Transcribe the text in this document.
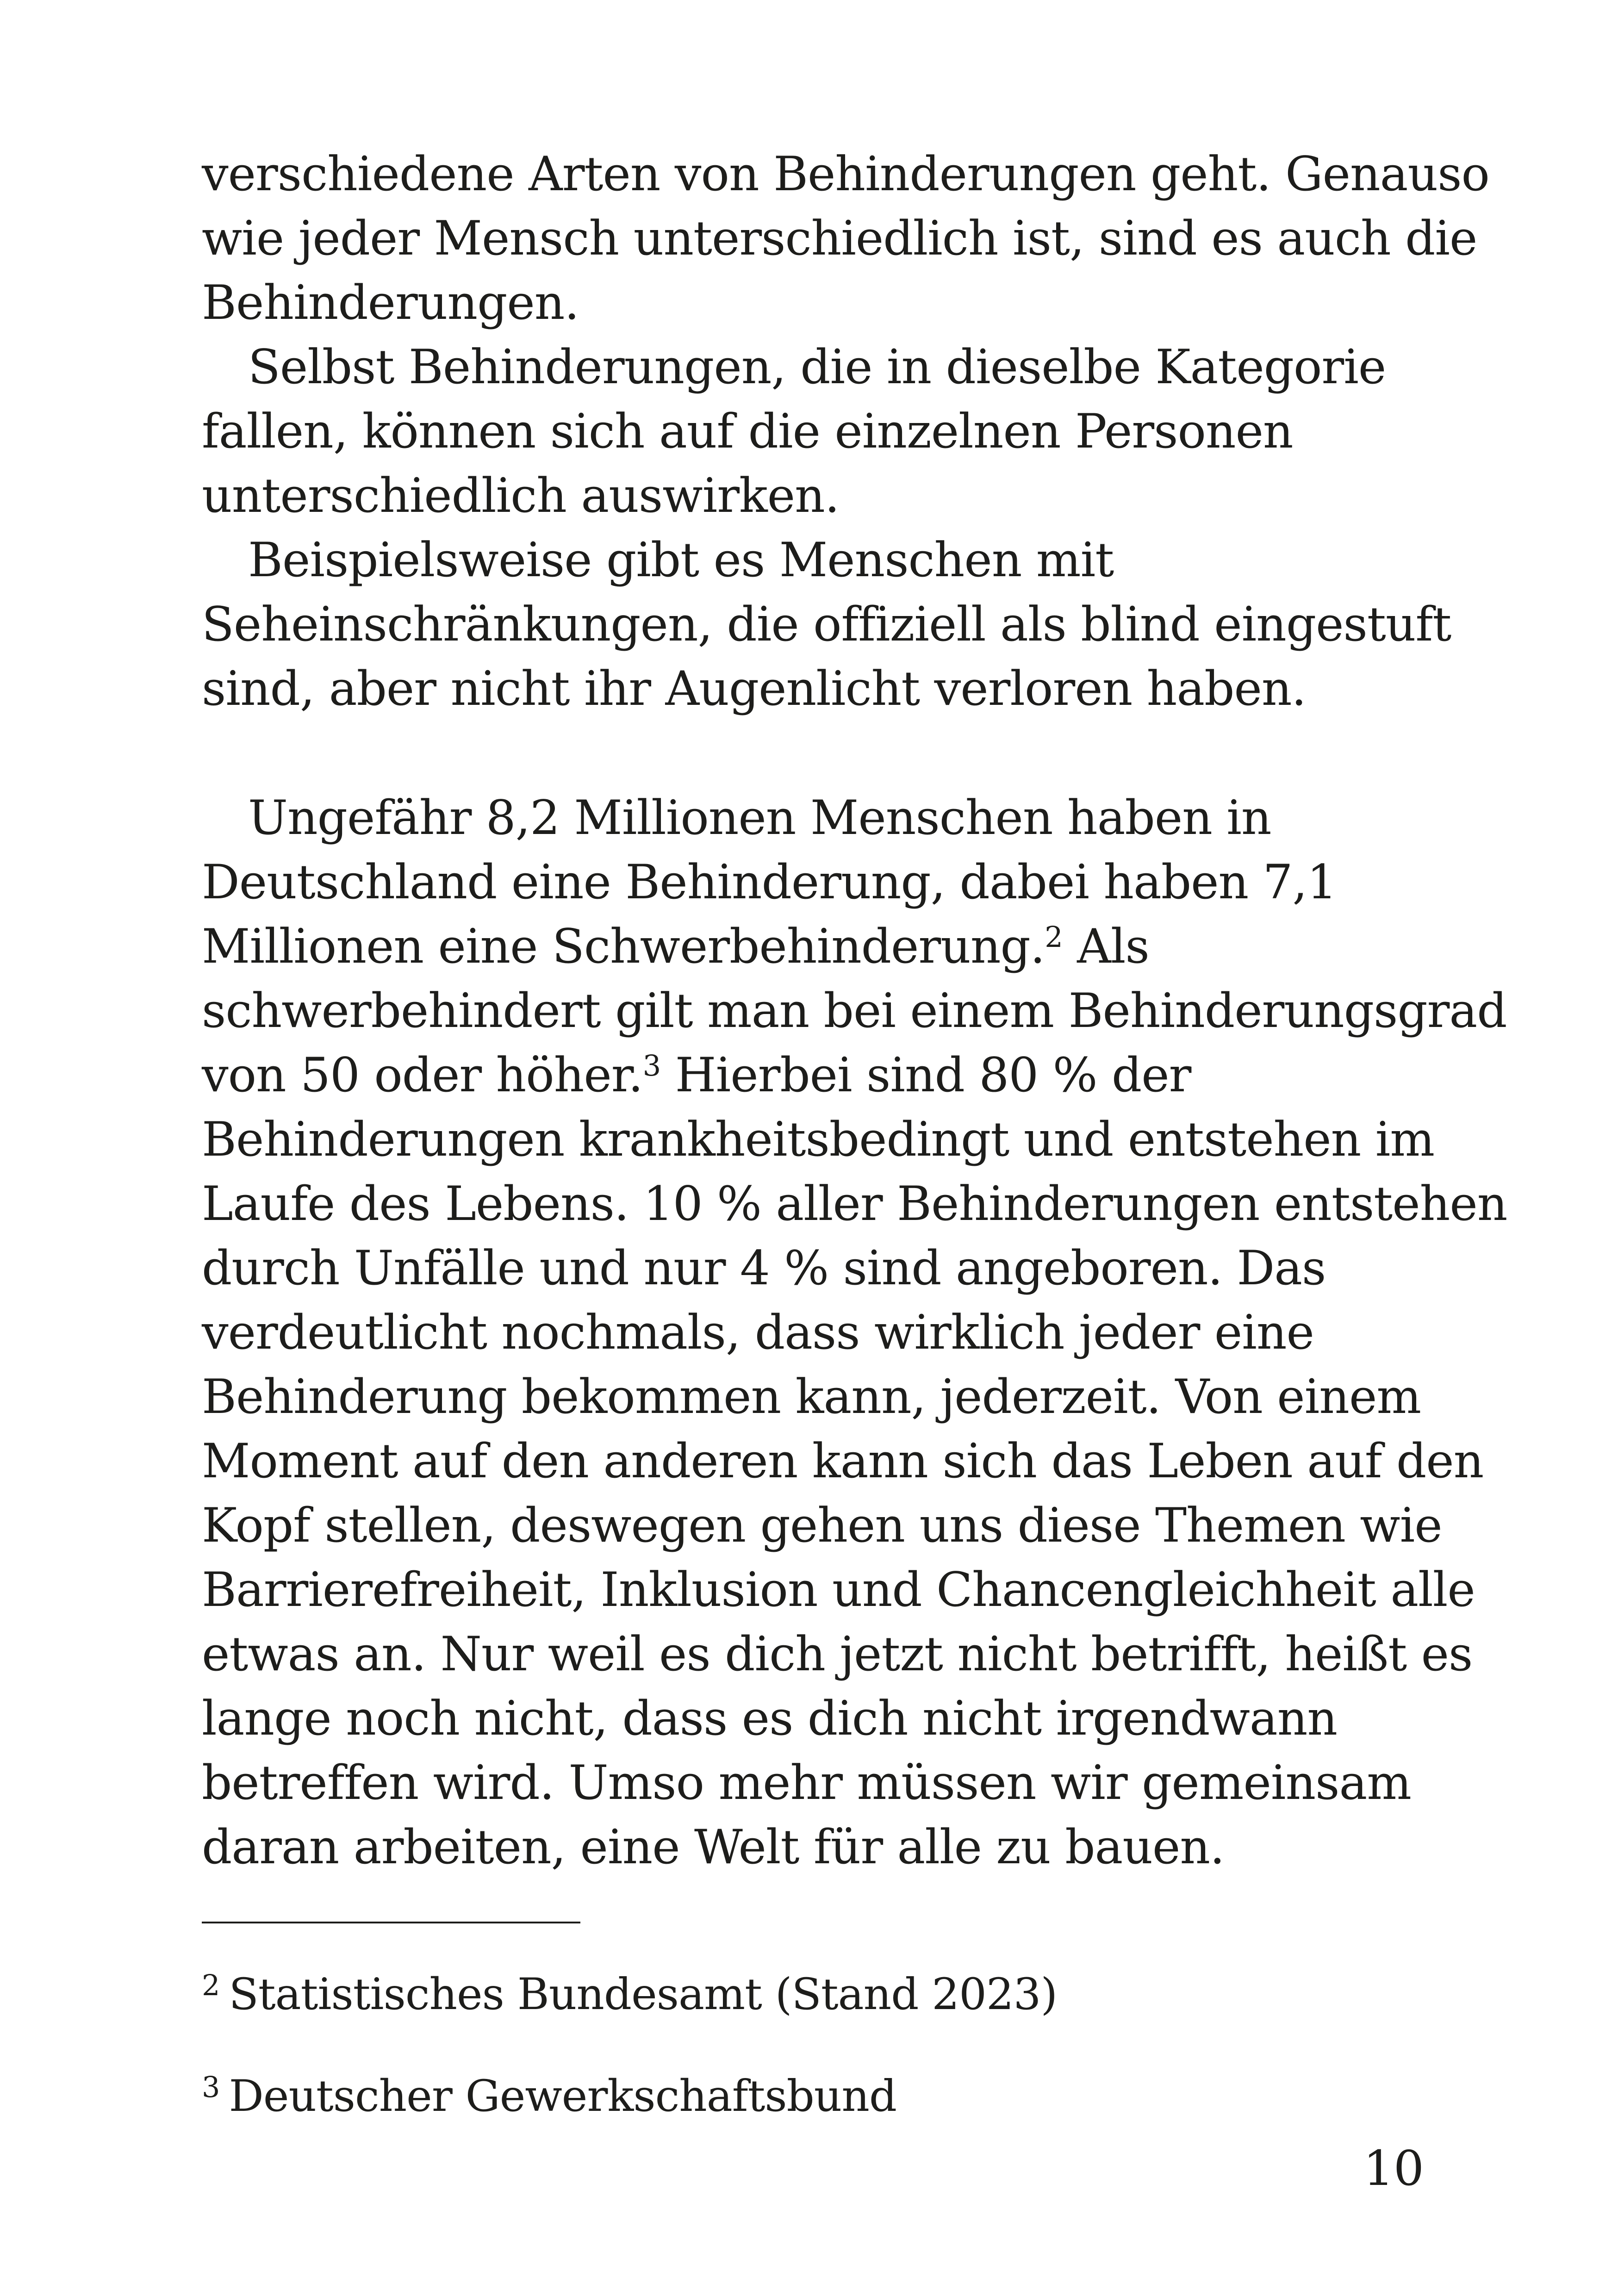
verschiedene Arten von Behinderungen geht. Genauso
wie jeder Mensch unterschiedlich ist, sind es auch die
Behinderungen.
Selbst Behinderungen, die in dieselbe Kategorie
fallen, können sich auf die einzelnen Personen
unterschiedlich auswirken.
Beispielsweise gibt es Menschen mit
Seheinschränkungen, die offiziell als blind eingestuft
sind, aber nicht ihr Augenlicht verloren haben.
Ungefähr 8,2 Millionen Menschen haben in
Deutschland eine Behinderung, dabei haben 7,1
Millionen eine Schwerbehinderung.$^2$ Als
schwerbehindert gilt man bei einem Behinderungsgrad
von 50 oder höher.$^3$ Hierbei sind 80 % der
Behinderungen krankheitsbedingt und entstehen im
Laufe des Lebens. 10 % aller Behinderungen entstehen
durch Unfälle und nur 4 % sind angeboren. Das
verdeutlicht nochmals, dass wirklich jeder eine
Behinderung bekommen kann, jederzeit. Von einem
Moment auf den anderen kann sich das Leben auf den
Kopf stellen, deswegen gehen uns diese Themen wie
Barrierefreiheit, Inklusion und Chancengleichheit alle
etwas an. Nur weil es dich jetzt nicht betrifft, heißt es
lange noch nicht, dass es dich nicht irgendwann
betreffen wird. Umso mehr müssen wir gemeinsam
daran arbeiten, eine Welt für alle zu bauen.
$^2$ Statistisches Bundesamt (Stand 2023)
$^3$ Deutscher Gewerkschaftsbund
10
